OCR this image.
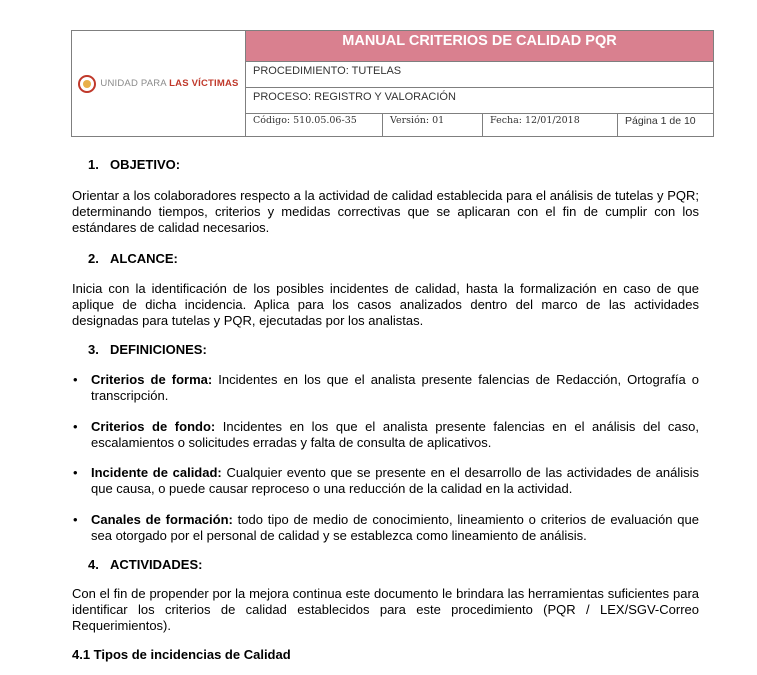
UNIDAD PARA LAS VÍCTIMAS
MANUAL CRITERIOS DE CALIDAD PQR
PROCEDIMIENTO: TUTELAS
PROCESO: REGISTRO Y VALORACIÓN
Código: 510.05.06-35	Versión: 01	Fecha: 12/01/2018	Página 1 de 10
1. OBJETIVO:

Orientar a los colaboradores respecto a la actividad de calidad establecida para el análisis de tutelas y PQR; determinando tiempos, criterios y medidas correctivas que se aplicaran con el fin de cumplir con los estándares de calidad necesarios.

2. ALCANCE:

Inicia con la identificación de los posibles incidentes de calidad, hasta la formalización en caso de que aplique de dicha incidencia. Aplica para los casos analizados dentro del marco de las actividades designadas para tutelas y PQR, ejecutadas por los analistas.

3. DEFINICIONES:
• Criterios de forma: Incidentes en los que el analista presente falencias de Redacción, Ortografía o transcripción.
• Criterios de fondo: Incidentes en los que el analista presente falencias en el análisis del caso, escalamientos o solicitudes erradas y falta de consulta de aplicativos.
• Incidente de calidad: Cualquier evento que se presente en el desarrollo de las actividades de análisis que causa, o puede causar reproceso o una reducción de la calidad en la actividad.
• Canales de formación: todo tipo de medio de conocimiento, lineamiento o criterios de evaluación que sea otorgado por el personal de calidad y se establezca como lineamiento de análisis.
4. ACTIVIDADES:

Con el fin de propender por la mejora continua este documento le brindara las herramientas suficientes para identificar los criterios de calidad establecidos para este procedimiento (PQR / LEX/SGV-Correo Requerimientos).

4.1 Tipos de incidencias de Calidad
